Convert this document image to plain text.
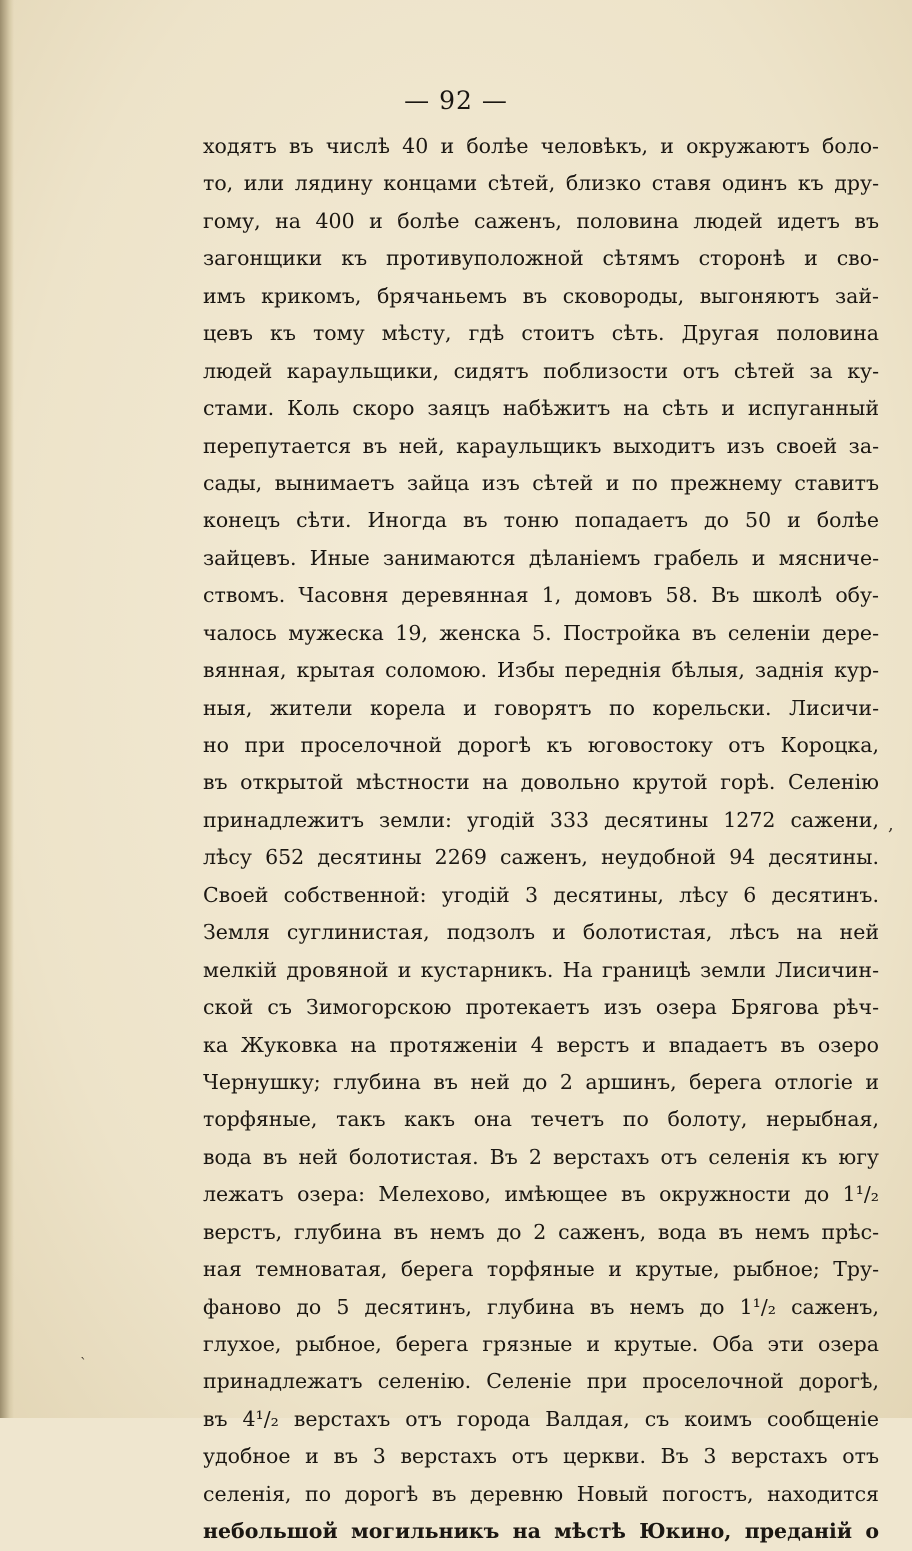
— 92 —
ходятъ въ числѣ 40 и болѣе человѣкъ, и окружаютъ боло-
то, или лядину концами сѣтей, близко ставя одинъ къ дру-
гому, на 400 и болѣе саженъ, половина людей идетъ въ
загонщики къ противуположной сѣтямъ сторонѣ и сво-
имъ крикомъ, брячаньемъ въ сковороды, выгоняютъ зай-
цевъ къ тому мѣсту, гдѣ стоитъ сѣть. Другая половина
людей караульщики, сидятъ поблизости отъ сѣтей за ку-
стами. Коль скоро заяцъ набѣжитъ на сѣть и испуганный
перепутается въ ней, караульщикъ выходитъ изъ своей за-
сады, вынимаетъ зайца изъ сѣтей и по прежнему ставитъ
конецъ сѣти. Иногда въ тоню попадаетъ до 50 и болѣе
зайцевъ. Иные занимаются дѣланіемъ грабель и мясниче-
ствомъ. Часовня деревянная 1, домовъ 58. Въ школѣ обу-
чалось мужеска 19, женска 5. Постройка въ селеніи дере-
вянная, крытая соломою. Избы переднія бѣлыя, заднія кур-
ныя, жители корела и говорятъ по корельски. Лисичи-
но при проселочной дорогѣ къ юговостоку отъ Короцка,
въ открытой мѣстности на довольно крутой горѣ. Селенію
принадлежитъ земли: угодій 333 десятины 1272 сажени,
лѣсу 652 десятины 2269 саженъ, неудобной 94 десятины.
Своей собственной: угодій 3 десятины, лѣсу 6 десятинъ.
Земля суглинистая, подзолъ и болотистая, лѣсъ на ней
мелкій дровяной и кустарникъ. На границѣ земли Лисичин-
ской съ Зимогорскою протекаетъ изъ озера Брягова рѣч-
ка Жуковка на протяженіи 4 верстъ и впадаетъ въ озеро
Чернушку; глубина въ ней до 2 аршинъ, берега отлогіе и
торфяные, такъ какъ она течетъ по болоту, нерыбная,
вода въ ней болотистая. Въ 2 верстахъ отъ селенія къ югу
лежатъ озера: Мелехово, имѣющее въ окружности до 1¹/₂
верстъ, глубина въ немъ до 2 саженъ, вода въ немъ прѣс-
ная темноватая, берега торфяные и крутые, рыбное; Тру-
фаново до 5 десятинъ, глубина въ немъ до 1¹/₂ саженъ,
глухое, рыбное, берега грязные и крутые. Оба эти озера
принадлежатъ селенію. Селеніе при проселочной дорогѣ,
въ 4¹/₂ верстахъ отъ города Валдая, съ коимъ сообщеніе
удобное и въ 3 верстахъ отъ церкви. Въ 3 верстахъ отъ
селенія, по дорогѣ въ деревню Новый погостъ, находится
небольшой могильникъ на мѣстѣ Юкино, преданій о
,
`
